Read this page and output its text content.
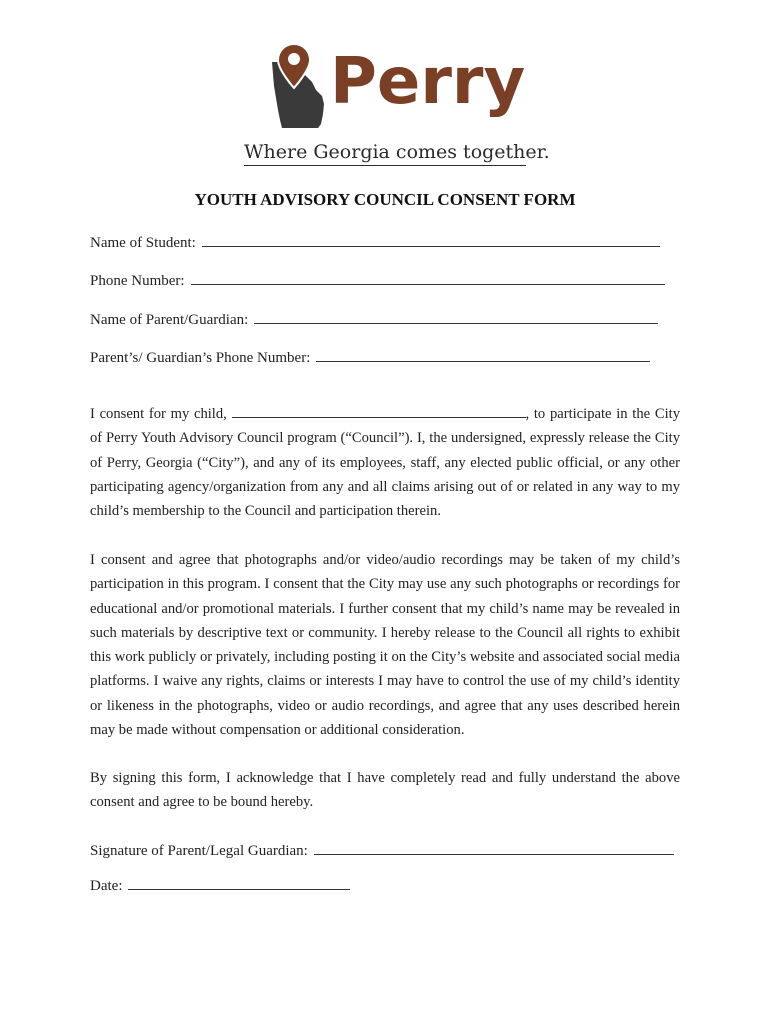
Perry
Where Georgia comes together.
YOUTH ADVISORY COUNCIL CONSENT FORM
Name of Student:
Phone Number:
Name of Parent/Guardian:
Parent’s/ Guardian’s Phone Number:

I consent for my child,	, to participate in the City of Perry Youth Advisory Council program (“Council”). I, the undersigned, expressly release the City of Perry, Georgia (“City”), and any of its employees, staff, any elected public official, or any other participating agency/organization from any and all claims arising out of or related in any way to my child’s membership to the Council and participation therein.

I consent and agree that photographs and/or video/audio recordings may be taken of my child’s participation in this program. I consent that the City may use any such photographs or recordings for educational and/or promotional materials. I further consent that my child’s name may be revealed in such materials by descriptive text or community. I hereby release to the Council all rights to exhibit this work publicly or privately, including posting it on the City’s website and associated social media platforms. I waive any rights, claims or interests I may have to control the use of my child’s identity or likeness in the photographs, video or audio recordings, and agree that any uses described herein may be made without compensation or additional consideration.

By signing this form, I acknowledge that I have completely read and fully understand the above consent and agree to be bound hereby.

Signature of Parent/Legal Guardian:
Date:
